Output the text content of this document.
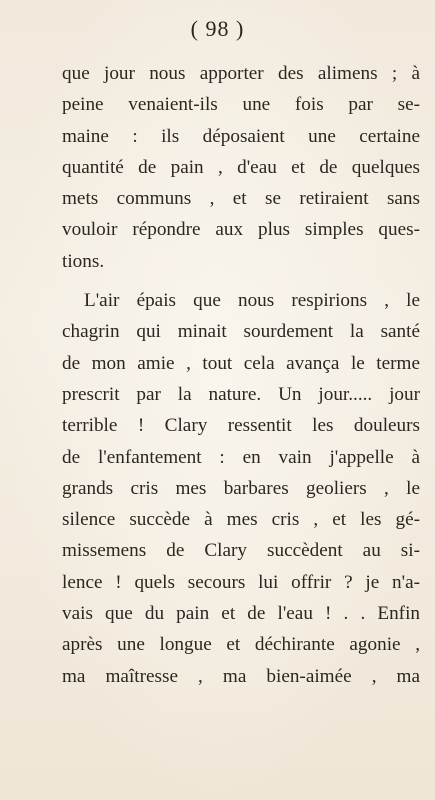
( 98 )
que jour nous apporter des alimens ; à
peine venaient-ils une fois par se-
maine : ils déposaient une certaine
quantité de pain , d'eau et de quelques
mets communs , et se retiraient sans
vouloir répondre aux plus simples ques-
tions.
L'air épais que nous respirions , le
chagrin qui minait sourdement la santé
de mon amie , tout cela avança le terme
prescrit par la nature. Un jour..... jour
terrible ! Clary ressentit les douleurs
de l'enfantement : en vain j'appelle à
grands cris mes barbares geoliers , le
silence succède à mes cris , et les gé-
missemens de Clary succèdent au si-
lence ! quels secours lui offrir ? je n'a-
vais que du pain et de l'eau ! . . Enfin
après une longue et déchirante agonie ,
ma maîtresse , ma bien-aimée , ma
